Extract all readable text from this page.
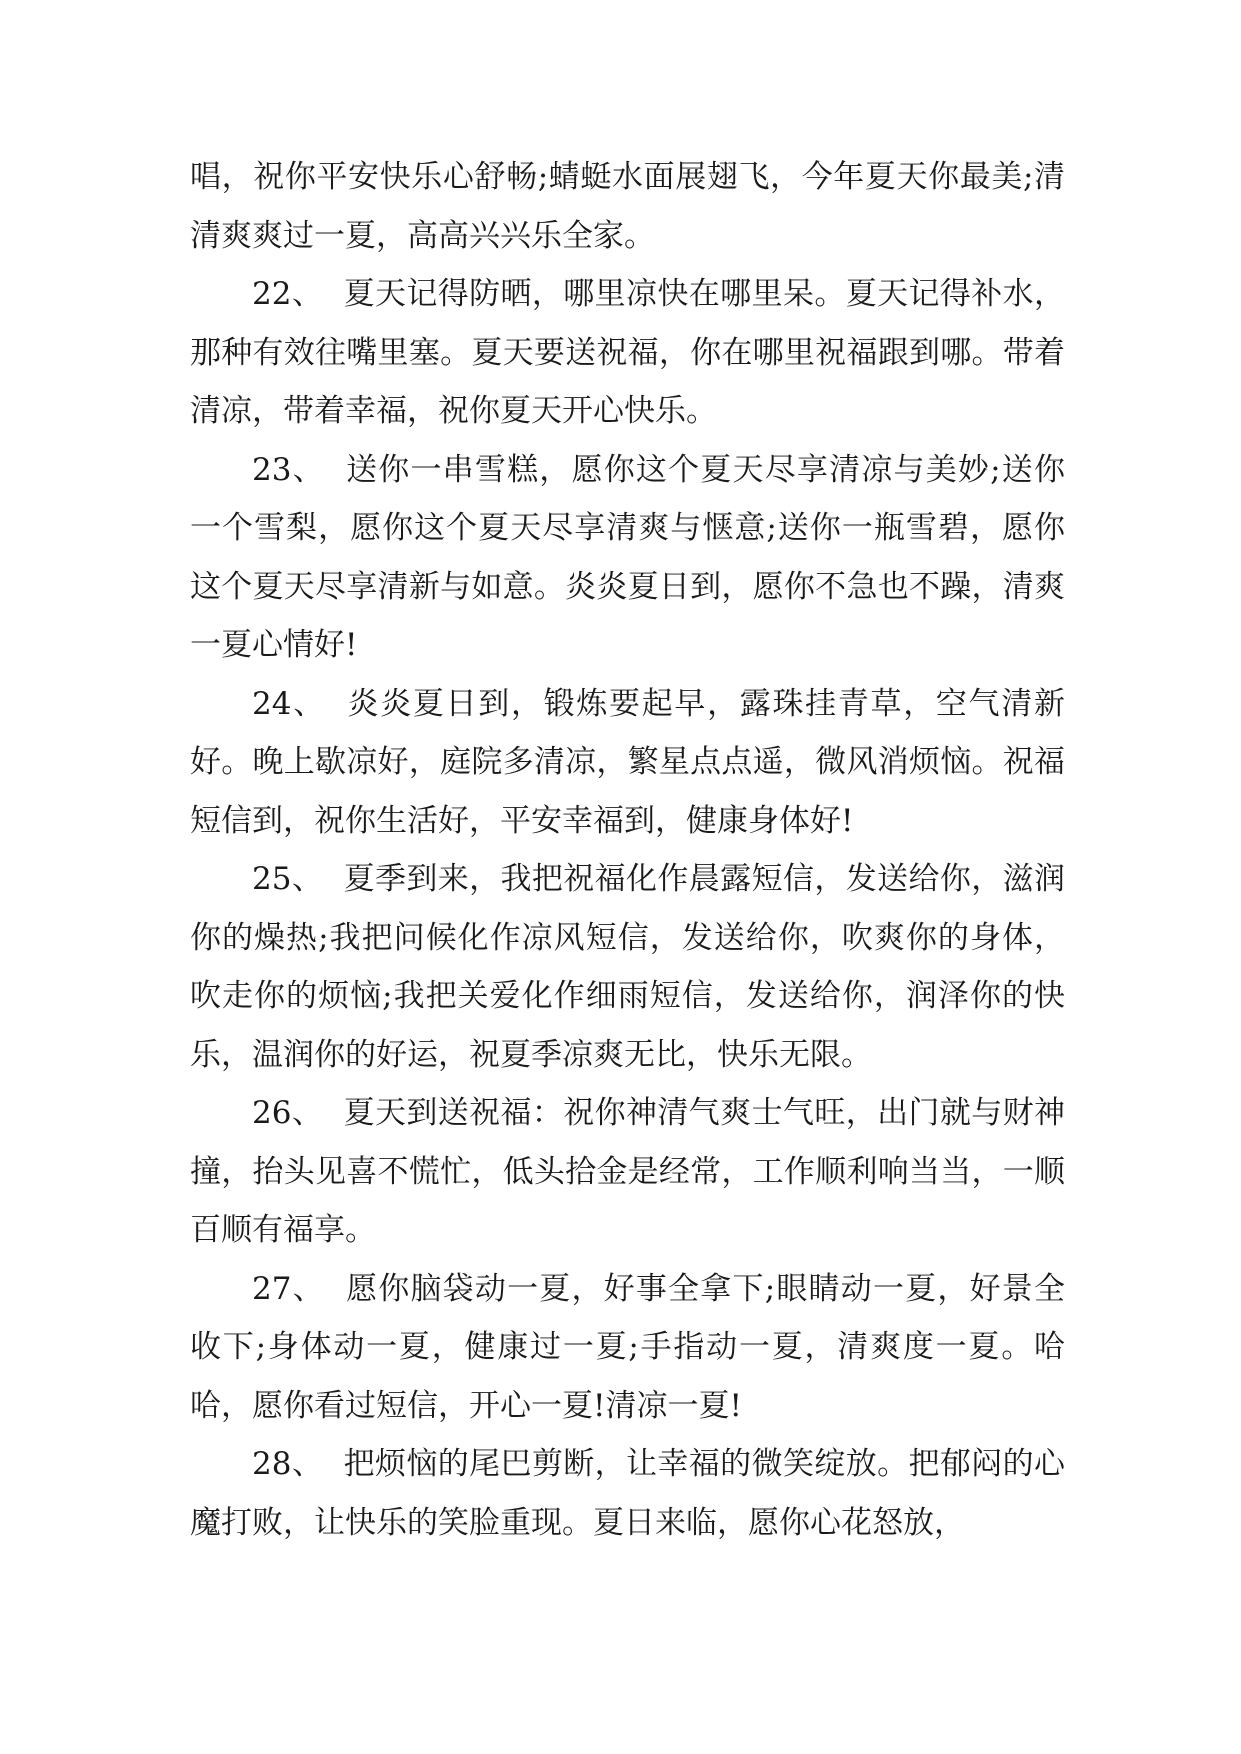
唱，祝你平安快乐心舒畅;蜻蜓水面展翅飞，今年夏天你最美;清清爽爽过一夏，高高兴兴乐全家。

22、 夏天记得防晒，哪里凉快在哪里呆。夏天记得补水，那种有效往嘴里塞。夏天要送祝福，你在哪里祝福跟到哪。带着清凉，带着幸福，祝你夏天开心快乐。

23、 送你一串雪糕，愿你这个夏天尽享清凉与美妙;送你一个雪梨，愿你这个夏天尽享清爽与惬意;送你一瓶雪碧，愿你这个夏天尽享清新与如意。炎炎夏日到，愿你不急也不躁，清爽一夏心情好!

24、 炎炎夏日到，锻炼要起早，露珠挂青草，空气清新好。晚上歇凉好，庭院多清凉，繁星点点遥，微风消烦恼。祝福短信到，祝你生活好，平安幸福到，健康身体好!

25、 夏季到来，我把祝福化作晨露短信，发送给你，滋润你的燥热;我把问候化作凉风短信，发送给你，吹爽你的身体，吹走你的烦恼;我把关爱化作细雨短信，发送给你，润泽你的快乐，温润你的好运，祝夏季凉爽无比，快乐无限。

26、 夏天到送祝福：祝你神清气爽士气旺，出门就与财神撞，抬头见喜不慌忙，低头拾金是经常，工作顺利响当当，一顺百顺有福享。

27、 愿你脑袋动一夏，好事全拿下;眼睛动一夏，好景全收下;身体动一夏，健康过一夏;手指动一夏，清爽度一夏。哈哈，愿你看过短信，开心一夏!清凉一夏!

28、 把烦恼的尾巴剪断，让幸福的微笑绽放。把郁闷的心魔打败，让快乐的笑脸重现。夏日来临，愿你心花怒放，
